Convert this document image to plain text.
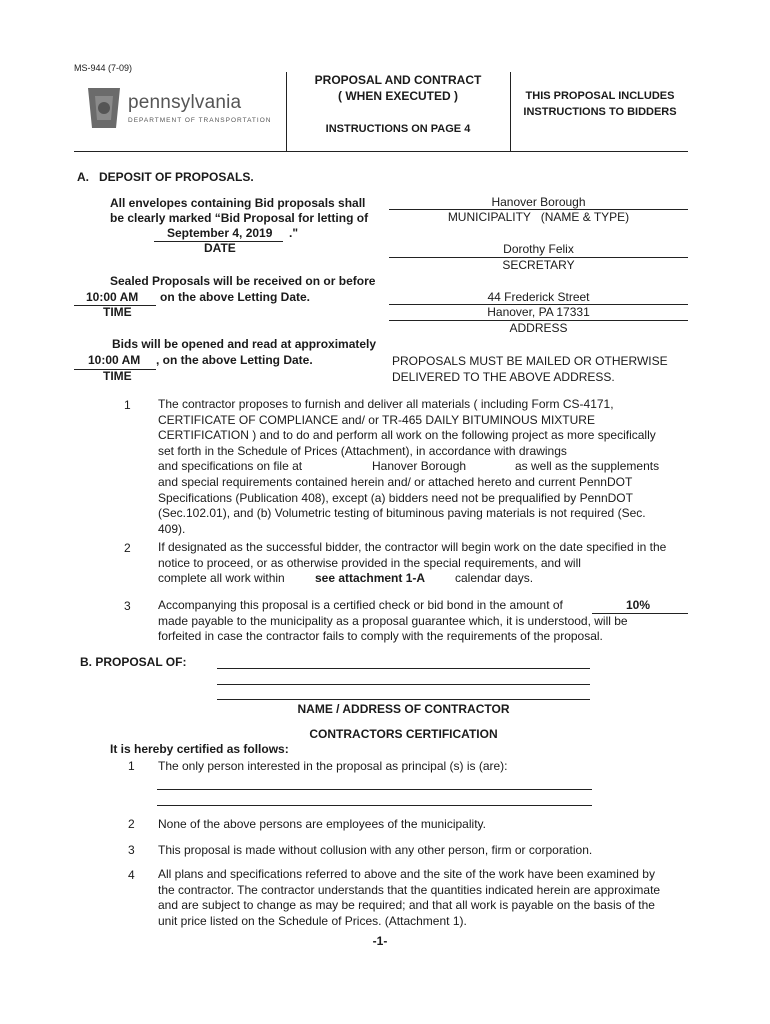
MS-944 (7-09)
pennsylvania
DEPARTMENT OF TRANSPORTATION
PROPOSAL AND CONTRACT
( WHEN EXECUTED )
INSTRUCTIONS ON PAGE 4
THIS PROPOSAL INCLUDES
INSTRUCTIONS TO BIDDERS
A.   DEPOSIT OF PROPOSALS.
All envelopes containing Bid proposals shall
be clearly marked “Bid Proposal for letting of
September 4, 2019 ."
DATE
Sealed Proposals will be received on or before
10:00 AM on the above Letting Date.
TIME
Bids will be opened and read at approximately
10:00 AM , on the above Letting Date.
TIME
Hanover Borough
MUNICIPALITY   (NAME & TYPE)
Dorothy Felix
SECRETARY
44 Frederick Street
Hanover, PA 17331
ADDRESS
PROPOSALS MUST BE MAILED OR OTHERWISE
DELIVERED TO THE ABOVE ADDRESS.
1 The contractor proposes to furnish and deliver all materials ( including Form CS-4171,
CERTIFICATE OF COMPLIANCE and/ or TR-465 DAILY BITUMINOUS MIXTURE
CERTIFICATION ) and to do and perform all work on the following project as more specifically
set forth in the Schedule of Prices (Attachment), in accordance with drawings
and specifications on file at	Hanover Borough	as well as the supplements
and special requirements contained herein and/ or attached hereto and current PennDOT
Specifications (Publication 408), except (a) bidders need not be prequalified by PennDOT
(Sec.102.01), and (b) Volumetric testing of bituminous paving materials is not required (Sec.
409).
2 If designated as the successful bidder, the contractor will begin work on the date specified in the
notice to proceed, or as otherwise provided in the special requirements, and will
complete all work within	see attachment 1-A calendar days.
3 Accompanying this proposal is a certified check or bid bond in the amount of
made payable to the municipality as a proposal guarantee which, it is understood, will be
forfeited in case the contractor fails to comply with the requirements of the proposal.
10%
B. PROPOSAL OF:
NAME / ADDRESS OF CONTRACTOR
CONTRACTORS CERTIFICATION
It is hereby certified as follows:
1 The only person interested in the proposal as principal (s) is (are):
2 None of the above persons are employees of the municipality.
3 This proposal is made without collusion with any other person, firm or corporation.
4 All plans and specifications referred to above and the site of the work have been examined by
the contractor. The contractor understands that the quantities indicated herein are approximate
and are subject to change as may be required; and that all work is payable on the basis of the
unit price listed on the Schedule of Prices. (Attachment 1).
-1-
